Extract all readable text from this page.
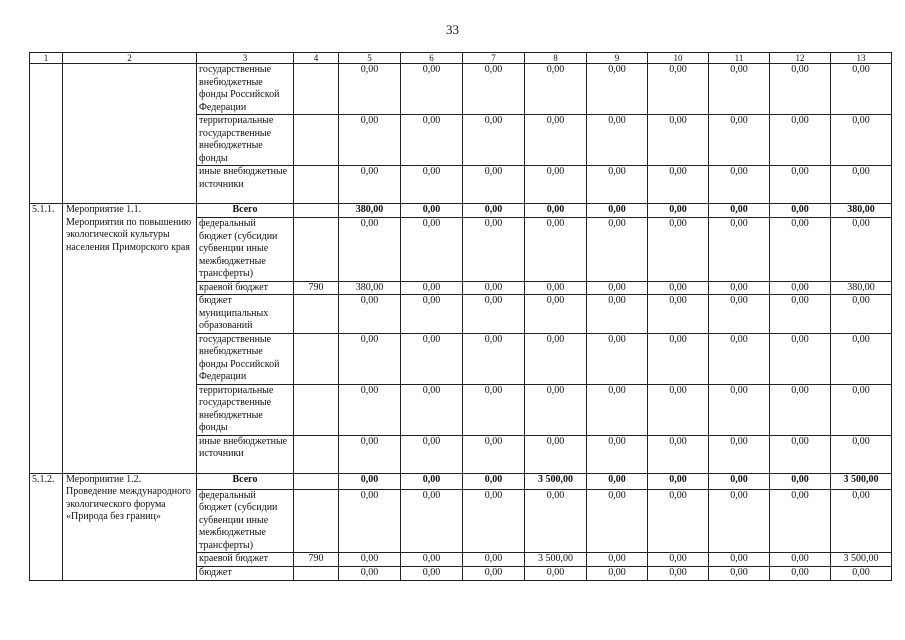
33
1	2	3	4	5	6	7	8	9	10	11	12	13
		государственные внебюджетные фонды Российской Федерации		0,00	0,00	0,00	0,00	0,00	0,00	0,00	0,00	0,00
		территориальные государственные внебюджетные фонды		0,00	0,00	0,00	0,00	0,00	0,00	0,00	0,00	0,00
		иные внебюджетные источники		0,00	0,00	0,00	0,00	0,00	0,00	0,00	0,00	0,00
5.1.1.	Мероприятие 1.1. Мероприятия по повышению экологической культуры населения Приморского края	Всего		380,00	0,00	0,00	0,00	0,00	0,00	0,00	0,00	380,00
		федеральный бюджет (субсидии субвенции иные межбюджетные трансферты)		0,00	0,00	0,00	0,00	0,00	0,00	0,00	0,00	0,00
		краевой бюджет	790	380,00	0,00	0,00	0,00	0,00	0,00	0,00	0,00	380,00
		бюджет муниципальных образований		0,00	0,00	0,00	0,00	0,00	0,00	0,00	0,00	0,00
		государственные внебюджетные фонды Российской Федерации		0,00	0,00	0,00	0,00	0,00	0,00	0,00	0,00	0,00
		территориальные государственные внебюджетные фонды		0,00	0,00	0,00	0,00	0,00	0,00	0,00	0,00	0,00
		иные внебюджетные источники		0,00	0,00	0,00	0,00	0,00	0,00	0,00	0,00	0,00
5.1.2.	Мероприятие 1.2. Проведение международного экологического форума «Природа без границ»	Всего		0,00	0,00	0,00	3 500,00	0,00	0,00	0,00	0,00	3 500,00
		федеральный бюджет (субсидии субвенции иные межбюджетные трансферты)		0,00	0,00	0,00	0,00	0,00	0,00	0,00	0,00	0,00
		краевой бюджет	790	0,00	0,00	0,00	3 500,00	0,00	0,00	0,00	0,00	3 500,00
		бюджет		0,00	0,00	0,00	0,00	0,00	0,00	0,00	0,00	0,00
